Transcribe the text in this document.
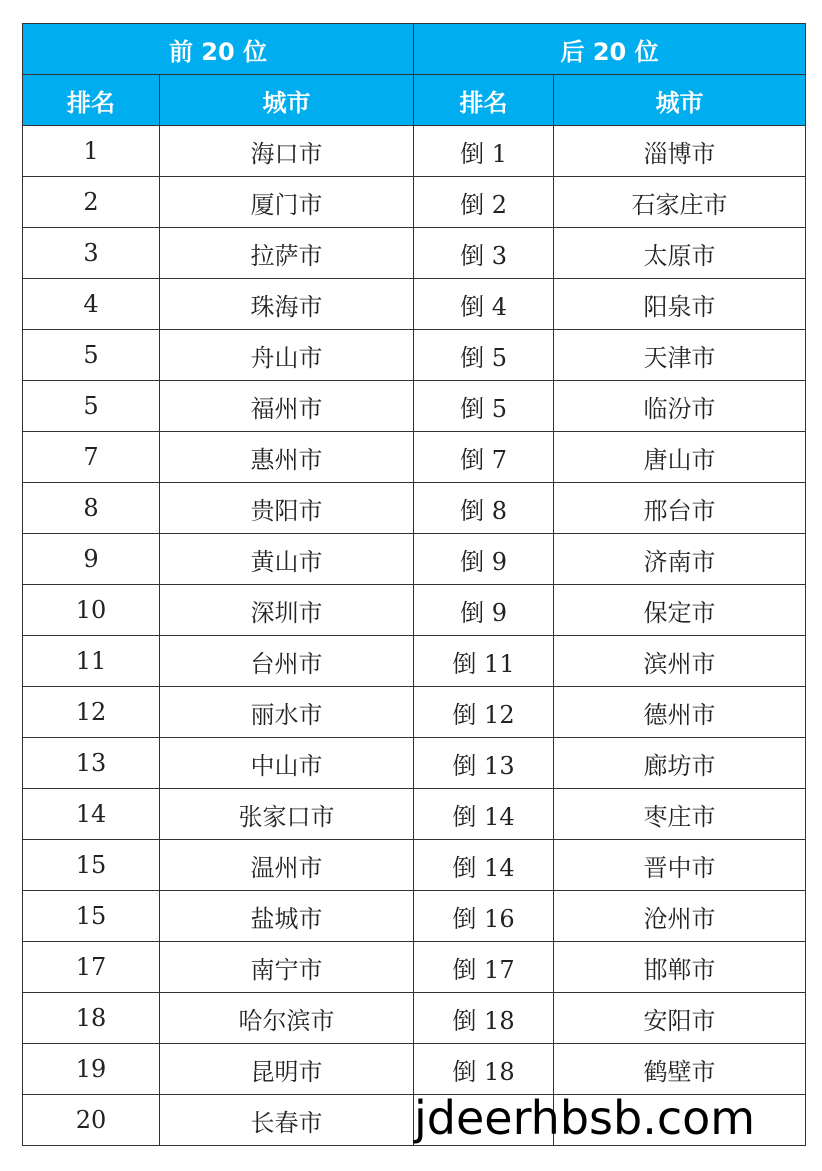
前 20 位		后 20 位	
排名	城市	排名	城市
1	海口市	倒 1	淄博市
2	厦门市	倒 2	石家庄市
3	拉萨市	倒 3	太原市
4	珠海市	倒 4	阳泉市
5	舟山市	倒 5	天津市
5	福州市	倒 5	临汾市
7	惠州市	倒 7	唐山市
8	贵阳市	倒 8	邢台市
9	黄山市	倒 9	济南市
10	深圳市	倒 9	保定市
11	台州市	倒 11	滨州市
12	丽水市	倒 12	德州市
13	中山市	倒 13	廊坊市
14	张家口市	倒 14	枣庄市
15	温州市	倒 14	晋中市
15	盐城市	倒 16	沧州市
17	南宁市	倒 17	邯郸市
18	哈尔滨市	倒 18	安阳市
19	昆明市	倒 18	鹤壁市
20	长春市		jdeerhbsb.com
